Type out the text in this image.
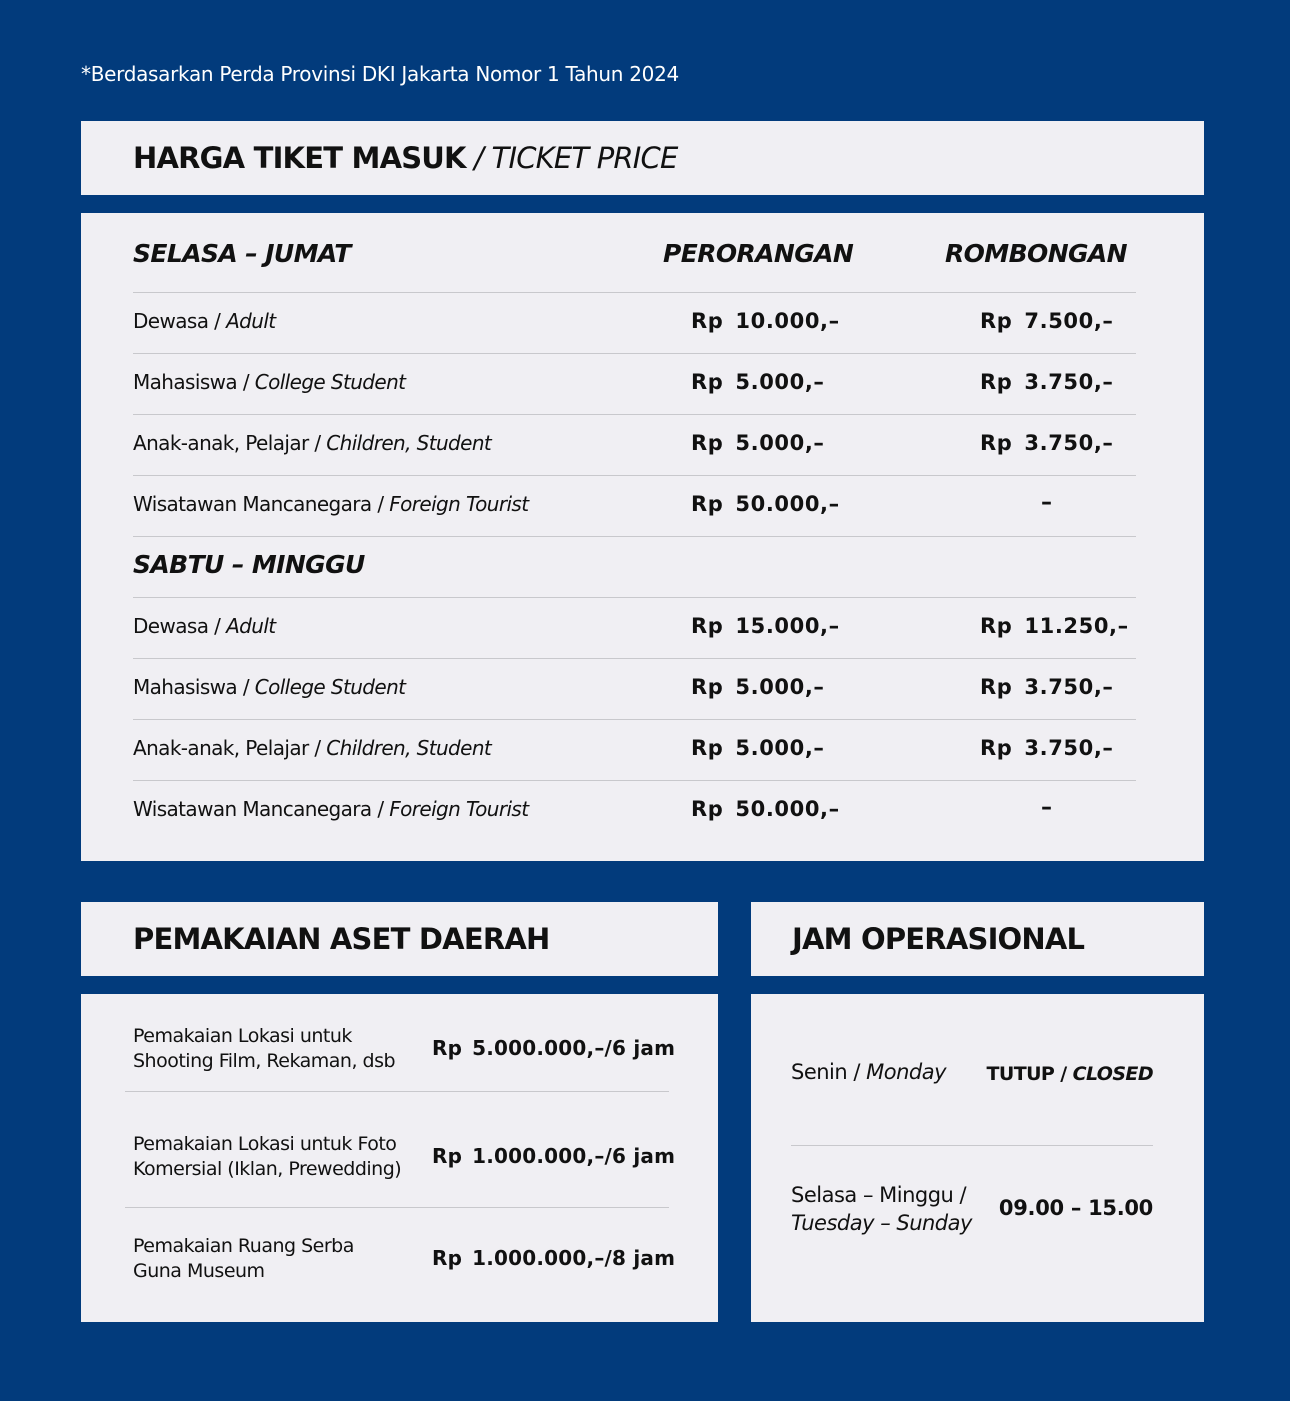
*Berdasarkan Perda Provinsi DKI Jakarta Nomor 1 Tahun 2024
HARGA TIKET MASUK / TICKET PRICE
SELASA – JUMAT	PERORANGAN	ROMBONGAN
Dewasa / Adult	Rp 10.000,–	Rp 7.500,–
Mahasiswa / College Student	Rp 5.000,–	Rp 3.750,–
Anak-anak, Pelajar / Children, Student	Rp 5.000,–	Rp 3.750,–
Wisatawan Mancanegara / Foreign Tourist	Rp 50.000,–	–
SABTU – MINGGU
Dewasa / Adult	Rp 15.000,–	Rp 11.250,–
Mahasiswa / College Student	Rp 5.000,–	Rp 3.750,–
Anak-anak, Pelajar / Children, Student	Rp 5.000,–	Rp 3.750,–
Wisatawan Mancanegara / Foreign Tourist	Rp 50.000,–	–
PEMAKAIAN ASET DAERAH
Pemakaian Lokasi untuk
Shooting Film, Rekaman, dsb
Rp 5.000.000,–/6 jam
Pemakaian Lokasi untuk Foto
Komersial (Iklan, Prewedding)
Rp 1.000.000,–/6 jam
Pemakaian Ruang Serba
Guna Museum
Rp 1.000.000,–/8 jam
JAM OPERASIONAL
Senin / Monday TUTUP / CLOSED
Selasa – Minggu /
Tuesday – Sunday
09.00 – 15.00
